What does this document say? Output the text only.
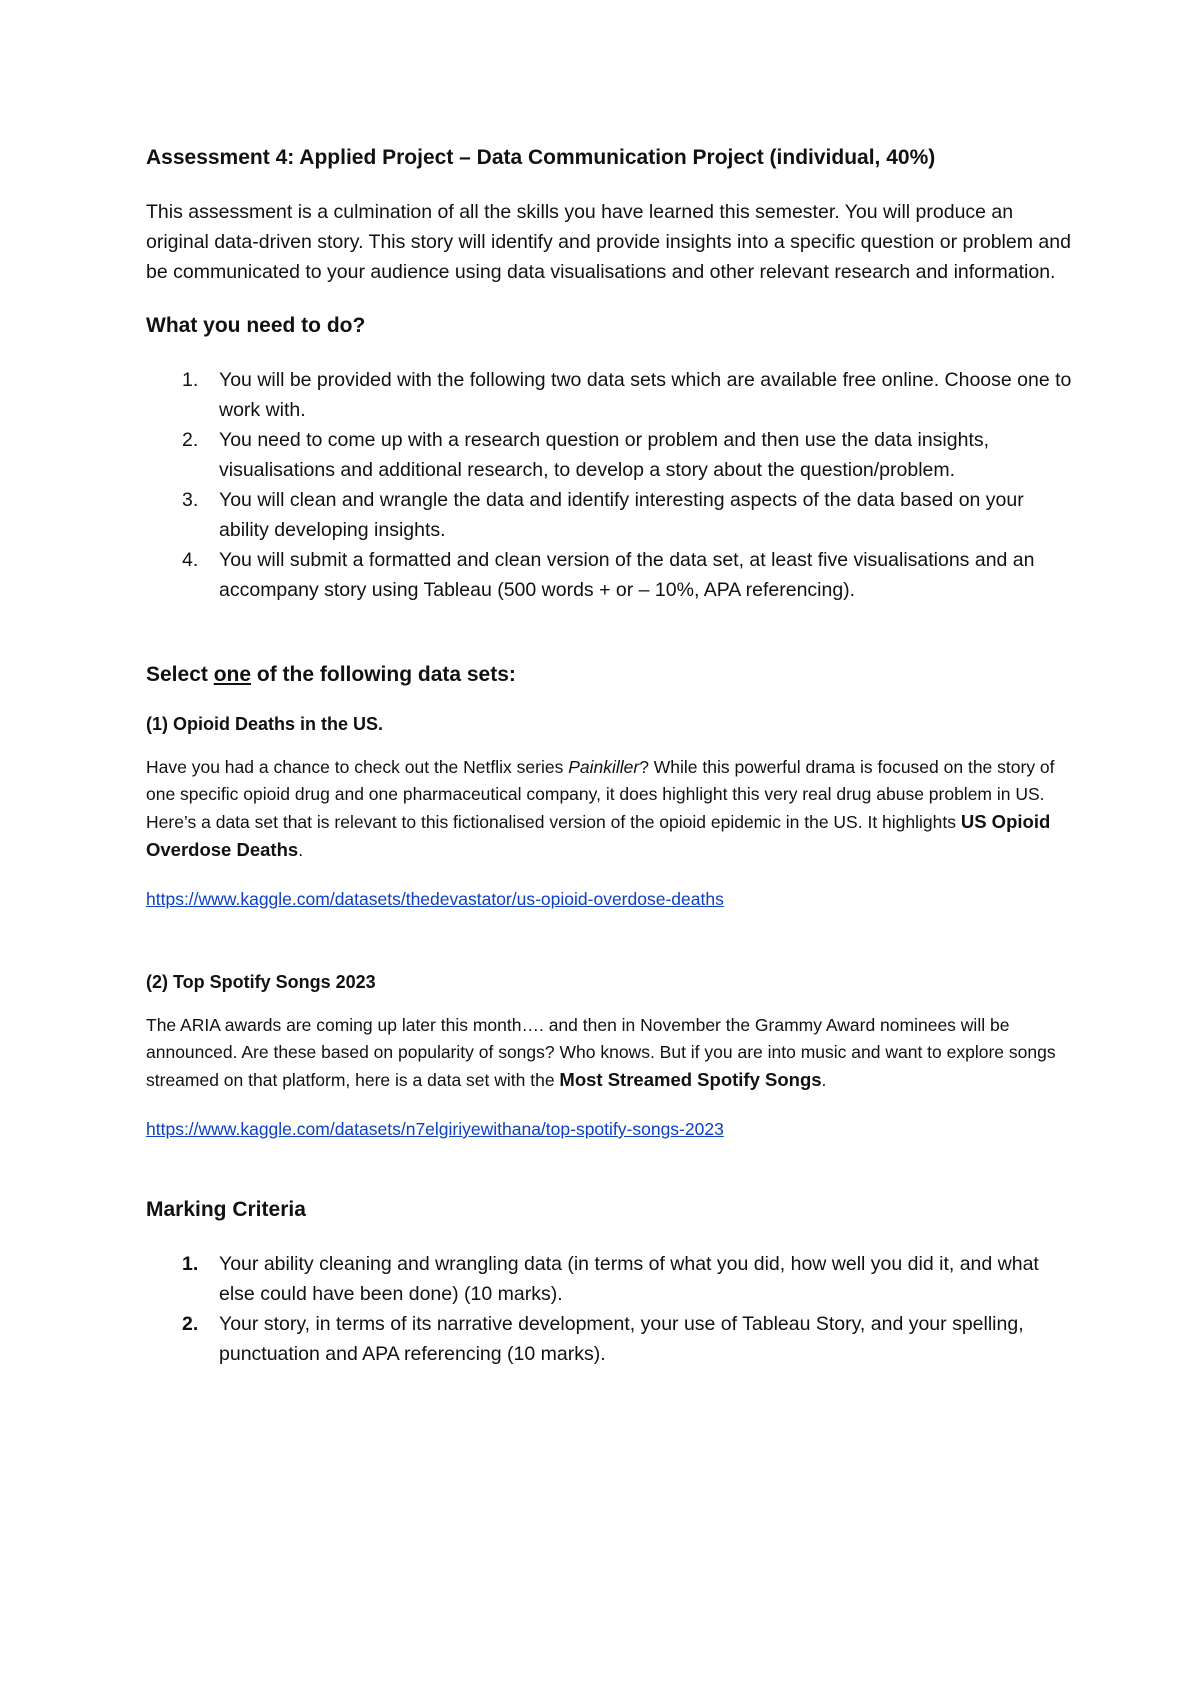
Assessment 4: Applied Project – Data Communication Project (individual, 40%)

This assessment is a culmination of all the skills you have learned this semester. You will produce an original data-driven story. This story will identify and provide insights into a specific question or problem and be communicated to your audience using data visualisations and other relevant research and information.

What you need to do?
1. You will be provided with the following two data sets which are available free online. Choose one to work with.
2. You need to come up with a research question or problem and then use the data insights, visualisations and additional research, to develop a story about the question/problem.
3. You will clean and wrangle the data and identify interesting aspects of the data based on your ability developing insights.
4. You will submit a formatted and clean version of the data set, at least five visualisations and an accompany story using Tableau (500 words + or – 10%, APA referencing).
Select one of the following data sets:
(1) Opioid Deaths in the US.

Have you had a chance to check out the Netflix series Painkiller? While this powerful drama is focused on the story of one specific opioid drug and one pharmaceutical company, it does highlight this very real drug abuse problem in US. Here’s a data set that is relevant to this fictionalised version of the opioid epidemic in the US. It highlights US Opioid Overdose Deaths.

https://www.kaggle.com/datasets/thedevastator/us-opioid-overdose-deaths
(2) Top Spotify Songs 2023

The ARIA awards are coming up later this month…. and then in November the Grammy Award nominees will be announced. Are these based on popularity of songs? Who knows. But if you are into music and want to explore songs streamed on that platform, here is a data set with the Most Streamed Spotify Songs.

https://www.kaggle.com/datasets/n7elgiriyewithana/top-spotify-songs-2023
Marking Criteria
1. Your ability cleaning and wrangling data (in terms of what you did, how well you did it, and what else could have been done) (10 marks).
2. Your story, in terms of its narrative development, your use of Tableau Story, and your spelling, punctuation and APA referencing (10 marks).
